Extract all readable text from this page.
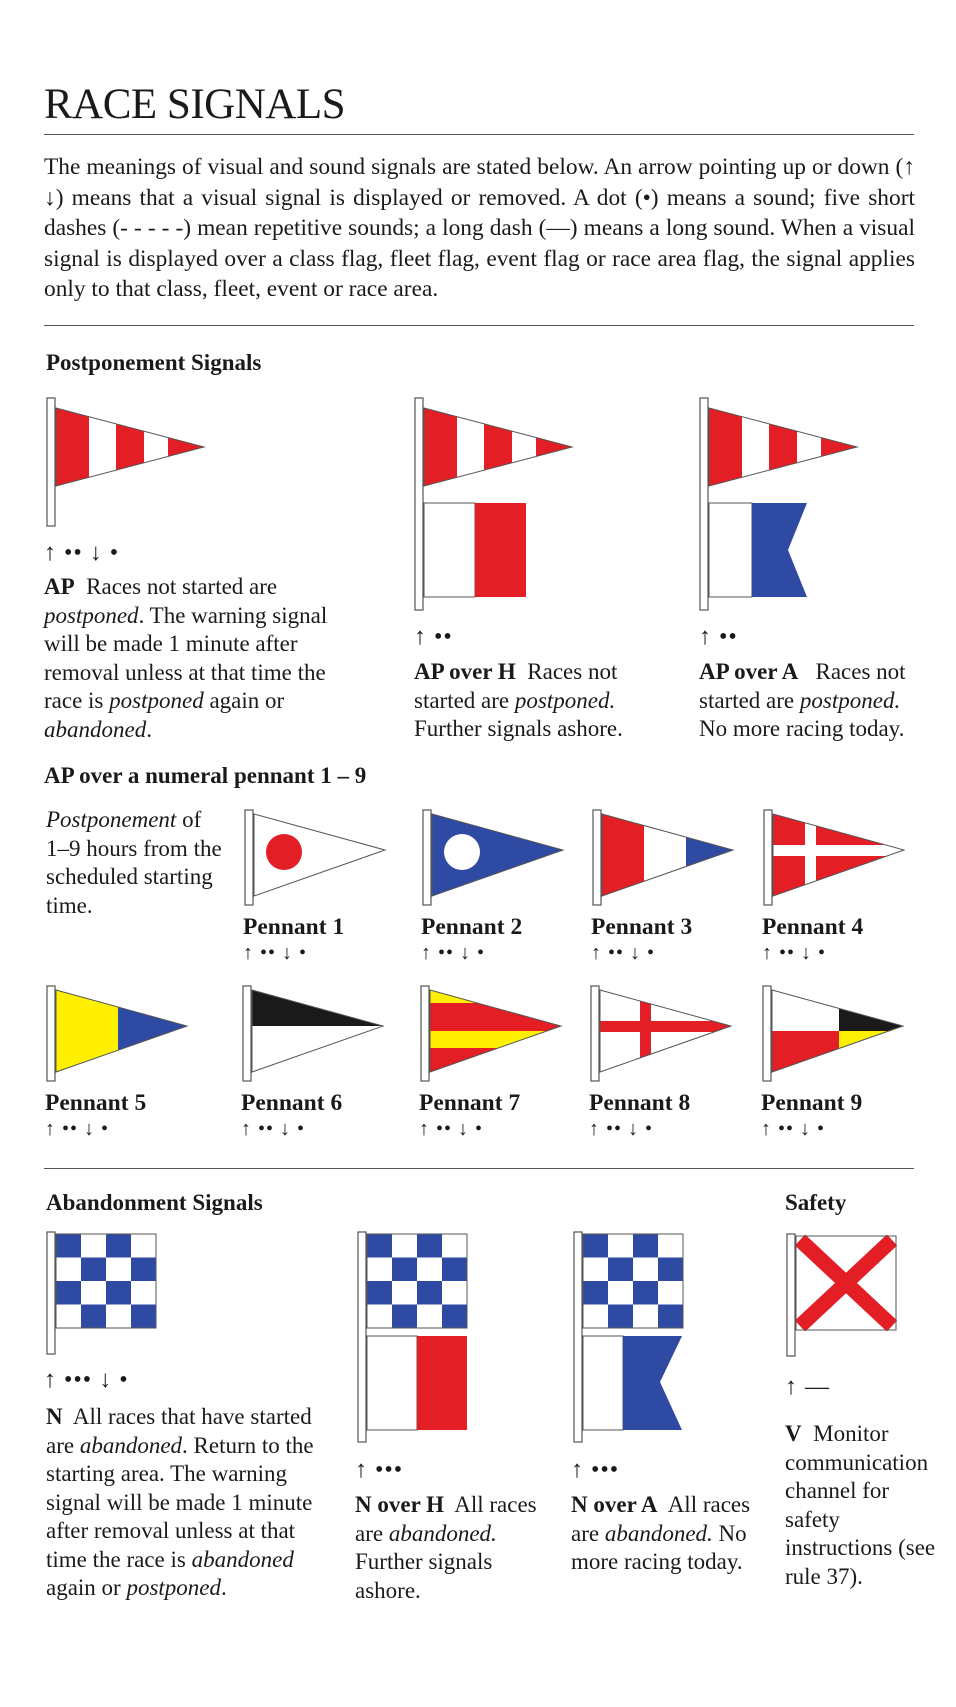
RACE SIGNALS
The meanings of visual and sound signals are stated below. An arrow pointing up or down (↑ ↓) means that a visual signal is displayed or removed. A dot (•) means a sound; five short dashes (- - - - -) mean repetitive sounds; a long dash (—) means a long sound. When a visual signal is displayed over a class flag, fleet flag, event flag or race area flag, the signal applies only to that class, fleet, event or race area.
Postponement Signals
↑ •• ↓ •
AP Races not started are postponed. The warning signal will be made 1 minute after removal unless at that time the race is postponed again or abandoned.
↑ ••
AP over H Races not started are postponed. Further signals ashore.
↑ ••
AP over A Races not started are postponed. No more racing today.
AP over a numeral pennant 1 – 9
Postponement of 1–9 hours from the scheduled starting time.
Pennant 1
↑ •• ↓ •
Pennant 2
↑ •• ↓ •
Pennant 3
↑ •• ↓ •
Pennant 4
↑ •• ↓ •
Pennant 5
↑ •• ↓ •
Pennant 6
↑ •• ↓ •
Pennant 7
↑ •• ↓ •
Pennant 8
↑ •• ↓ •
Pennant 9
↑ •• ↓ •
Abandonment Signals
↑ ••• ↓ •
N All races that have started are abandoned. Return to the starting area. The warning signal will be made 1 minute after removal unless at that time the race is abandoned again or postponed.
↑ •••
N over H All races are abandoned. Further signals ashore.
↑ •••
N over A All races are abandoned. No more racing today.
Safety
↑ —
V Monitor communication channel for safety instructions (see rule 37).
